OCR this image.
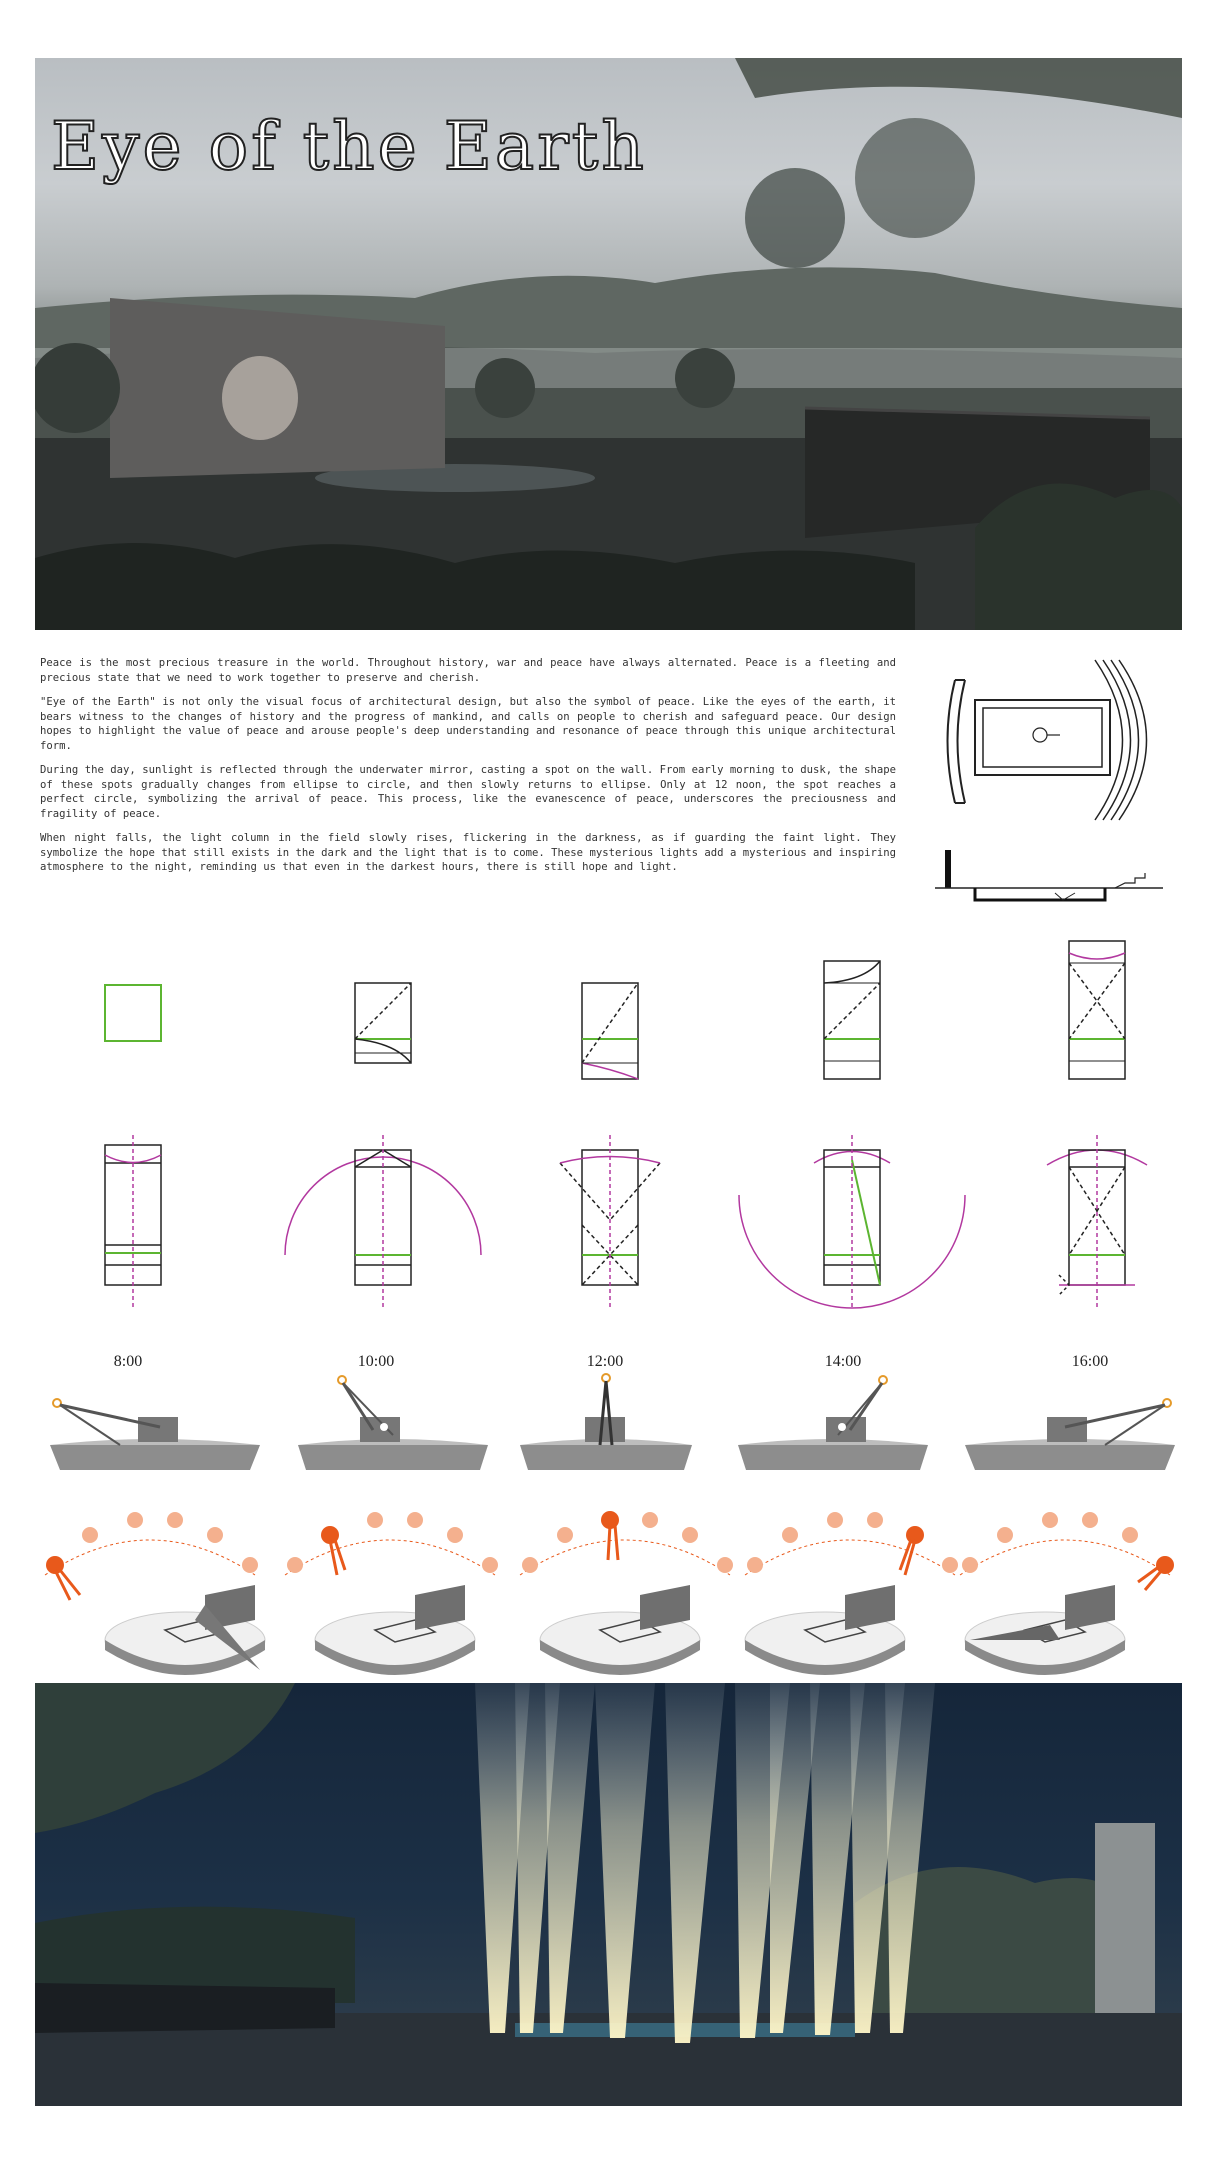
Eye of the Earth

Peace is the most precious treasure in the world. Throughout history, war and peace have always alternated. Peace is a fleeting and precious state that we need to work together to preserve and cherish.

"Eye of the Earth" is not only the visual focus of architectural design, but also the symbol of peace. Like the eyes of the earth, it bears witness to the changes of history and the progress of mankind, and calls on people to cherish and safeguard peace. Our design hopes to highlight the value of peace and arouse people's deep understanding and resonance of peace through this unique architectural form.

During the day, sunlight is reflected through the underwater mirror, casting a spot on the wall. From early morning to dusk, the shape of these spots gradually changes from ellipse to circle, and then slowly returns to ellipse. Only at 12 noon, the spot reaches a perfect circle, symbolizing the arrival of peace. This process, like the evanescence of peace, underscores the preciousness and fragility of peace.

When night falls, the light column in the field slowly rises, flickering in the darkness, as if guarding the faint light. They symbolize the hope that still exists in the dark and the light that is to come. These mysterious lights add a mysterious and inspiring atmosphere to the night, reminding us that even in the darkest hours, there is still hope and light.

8:00	10:00	12:00	14:00	16:00
